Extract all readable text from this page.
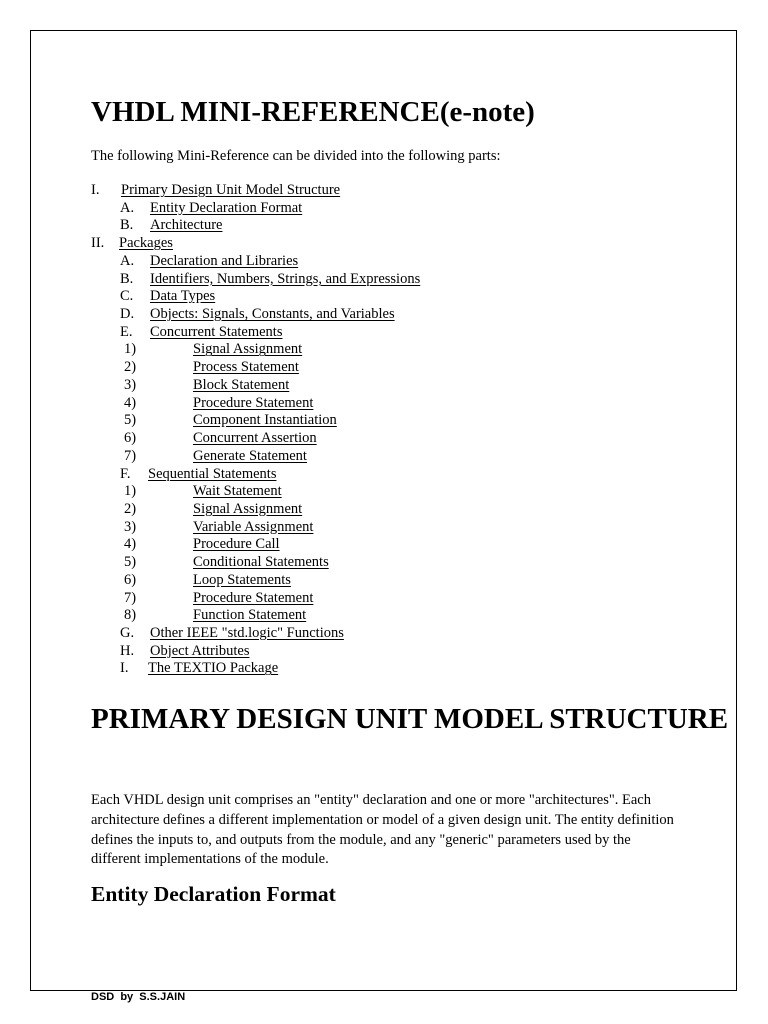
VHDL MINI-REFERENCE(e-note)

The following Mini-Reference can be divided into the following parts:

I. Primary Design Unit Model Structure
A. Entity Declaration Format
B. Architecture
II. Packages
A. Declaration and Libraries
B. Identifiers, Numbers, Strings, and Expressions
C. Data Types
D. Objects: Signals, Constants, and Variables
E. Concurrent Statements
1)	Signal Assignment
2)	Process Statement
3)	Block Statement
4)	Procedure Statement
5)	Component Instantiation
6)	Concurrent Assertion
7)	Generate Statement
F. Sequential Statements
1)	Wait Statement
2)	Signal Assignment
3)	Variable Assignment
4)	Procedure Call
5)	Conditional Statements
6)	Loop Statements
7)	Procedure Statement
8)	Function Statement
G. Other IEEE "std.logic" Functions
H. Object Attributes
I. The TEXTIO Package
PRIMARY DESIGN UNIT MODEL STRUCTURE

Each VHDL design unit comprises an "entity" declaration and one or more "architectures". Each architecture defines a different implementation or model of a given design unit. The entity definition defines the inputs to, and outputs from the module, and any "generic" parameters used by the different implementations of the module.

Entity Declaration Format
DSD  by  S.S.JAIN
